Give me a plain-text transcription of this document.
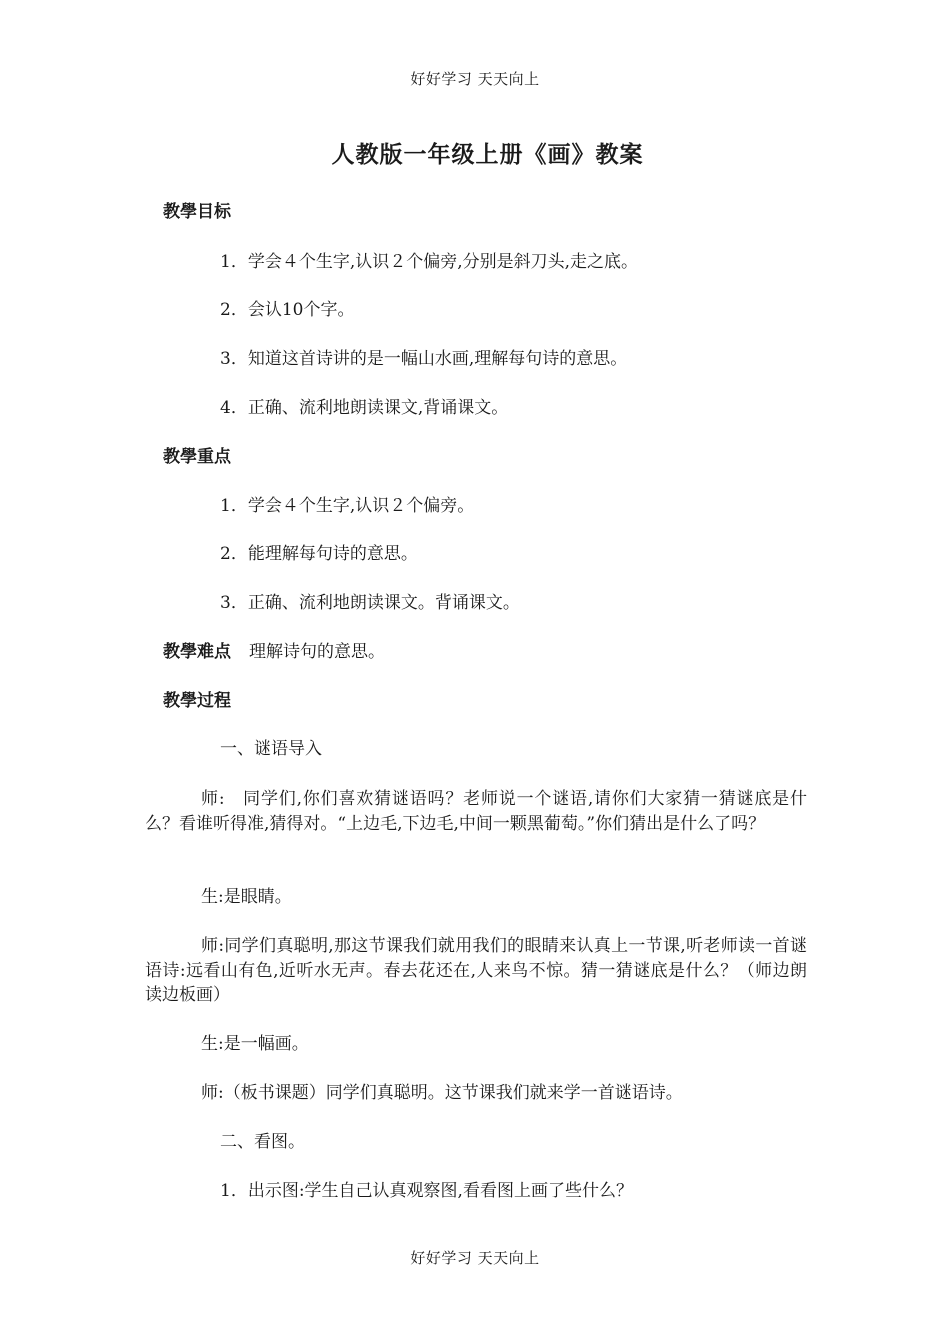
好好学习 天天向上
人教版一年级上册《画》教案
教學目标
1．学会４个生字,认识２个偏旁,分别是斜刀头,走之底。
2．会认10个字。
3．知道这首诗讲的是一幅山水画,理解每句诗的意思。
4．正确、流利地朗读课文,背诵课文。
教學重点
1．学会４个生字,认识２个偏旁。
2．能理解每句诗的意思。
3．正确、流利地朗读课文。背诵课文。
教學难点 理解诗句的意思。
教學过程
一、谜语导入
师:　同学们,你们喜欢猜谜语吗？老师说一个谜语,请你们大家猜一猜谜底是什么？看谁听得准,猜得对。“上边毛,下边毛,中间一颗黑葡萄。”你们猜出是什么了吗？
生:是眼睛。
师:同学们真聪明,那这节课我们就用我们的眼睛来认真上一节课,听老师读一首谜语诗:远看山有色,近听水无声。春去花还在,人来鸟不惊。猜一猜谜底是什么？（师边朗读边板画）
生:是一幅画。
师:（板书课题）同学们真聪明。这节课我们就来学一首谜语诗。
二、看图。
1．出示图:学生自己认真观察图,看看图上画了些什么？
好好学习 天天向上
